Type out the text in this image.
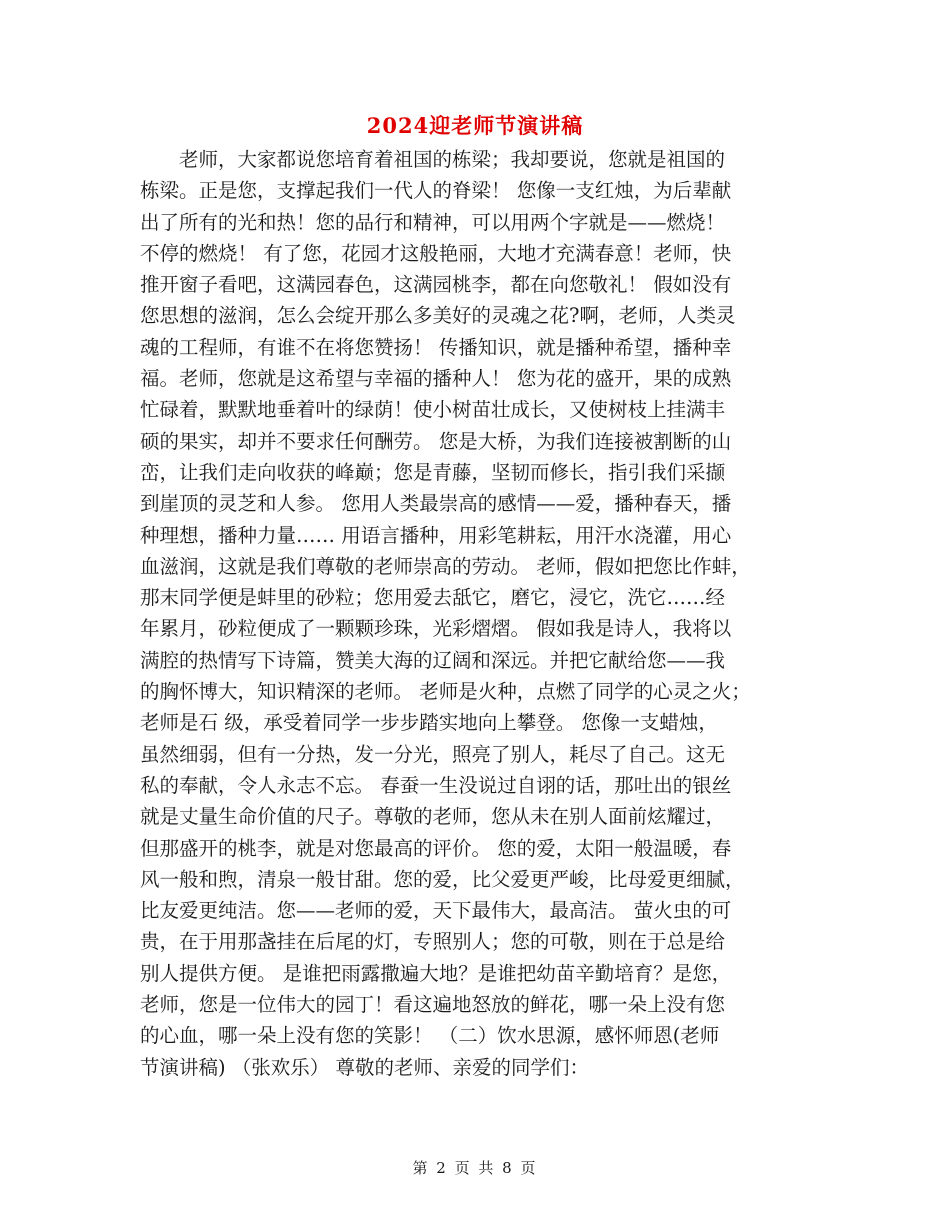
2024迎老师节演讲稿
　　老师，大家都说您培育着祖国的栋梁；我却要说，您就是祖国的
栋梁。正是您，支撑起我们一代人的脊梁！ 您像一支红烛，为后辈献
出了所有的光和热！您的品行和精神，可以用两个字就是——燃烧！
不停的燃烧！ 有了您，花园才这般艳丽，大地才充满春意！老师，快
推开窗子看吧，这满园春色，这满园桃李，都在向您敬礼！ 假如没有
您思想的滋润，怎么会绽开那么多美好的灵魂之花?啊，老师，人类灵
魂的工程师，有谁不在将您赞扬！ 传播知识，就是播种希望，播种幸
福。老师，您就是这希望与幸福的播种人！ 您为花的盛开，果的成熟
忙碌着，默默地垂着叶的绿荫！使小树苗壮成长，又使树枝上挂满丰
硕的果实，却并不要求任何酬劳。 您是大桥，为我们连接被割断的山
峦，让我们走向收获的峰巅；您是青藤，坚韧而修长，指引我们采撷
到崖顶的灵芝和人参。 您用人类最崇高的感情——爱，播种春天，播
种理想，播种力量…… 用语言播种，用彩笔耕耘，用汗水浇灌，用心
血滋润，这就是我们尊敬的老师崇高的劳动。 老师，假如把您比作蚌，
那末同学便是蚌里的砂粒；您用爱去舐它，磨它，浸它，洗它……经
年累月，砂粒便成了一颗颗珍珠，光彩熠熠。 假如我是诗人，我将以
满腔的热情写下诗篇，赞美大海的辽阔和深远。并把它献给您——我
的胸怀博大，知识精深的老师。 老师是火种，点燃了同学的心灵之火；
老师是石 级，承受着同学一步步踏实地向上攀登。 您像一支蜡烛，
虽然细弱，但有一分热，发一分光，照亮了别人，耗尽了自己。这无
私的奉献，令人永志不忘。 春蚕一生没说过自诩的话，那吐出的银丝
就是丈量生命价值的尺子。尊敬的老师，您从未在别人面前炫耀过，
但那盛开的桃李，就是对您最高的评价。 您的爱，太阳一般温暖，春
风一般和煦，清泉一般甘甜。您的爱，比父爱更严峻，比母爱更细腻，
比友爱更纯洁。您——老师的爱，天下最伟大，最高洁。 萤火虫的可
贵，在于用那盏挂在后尾的灯，专照别人；您的可敬，则在于总是给
别人提供方便。 是谁把雨露撒遍大地？是谁把幼苗辛勤培育？是您，
老师，您是一位伟大的园丁！看这遍地怒放的鲜花，哪一朵上没有您
的心血，哪一朵上没有您的笑影！ （二）饮水思源，感怀师恩(老师
节演讲稿) （张欢乐） 尊敬的老师、亲爱的同学们：
第 2 页 共 8 页
